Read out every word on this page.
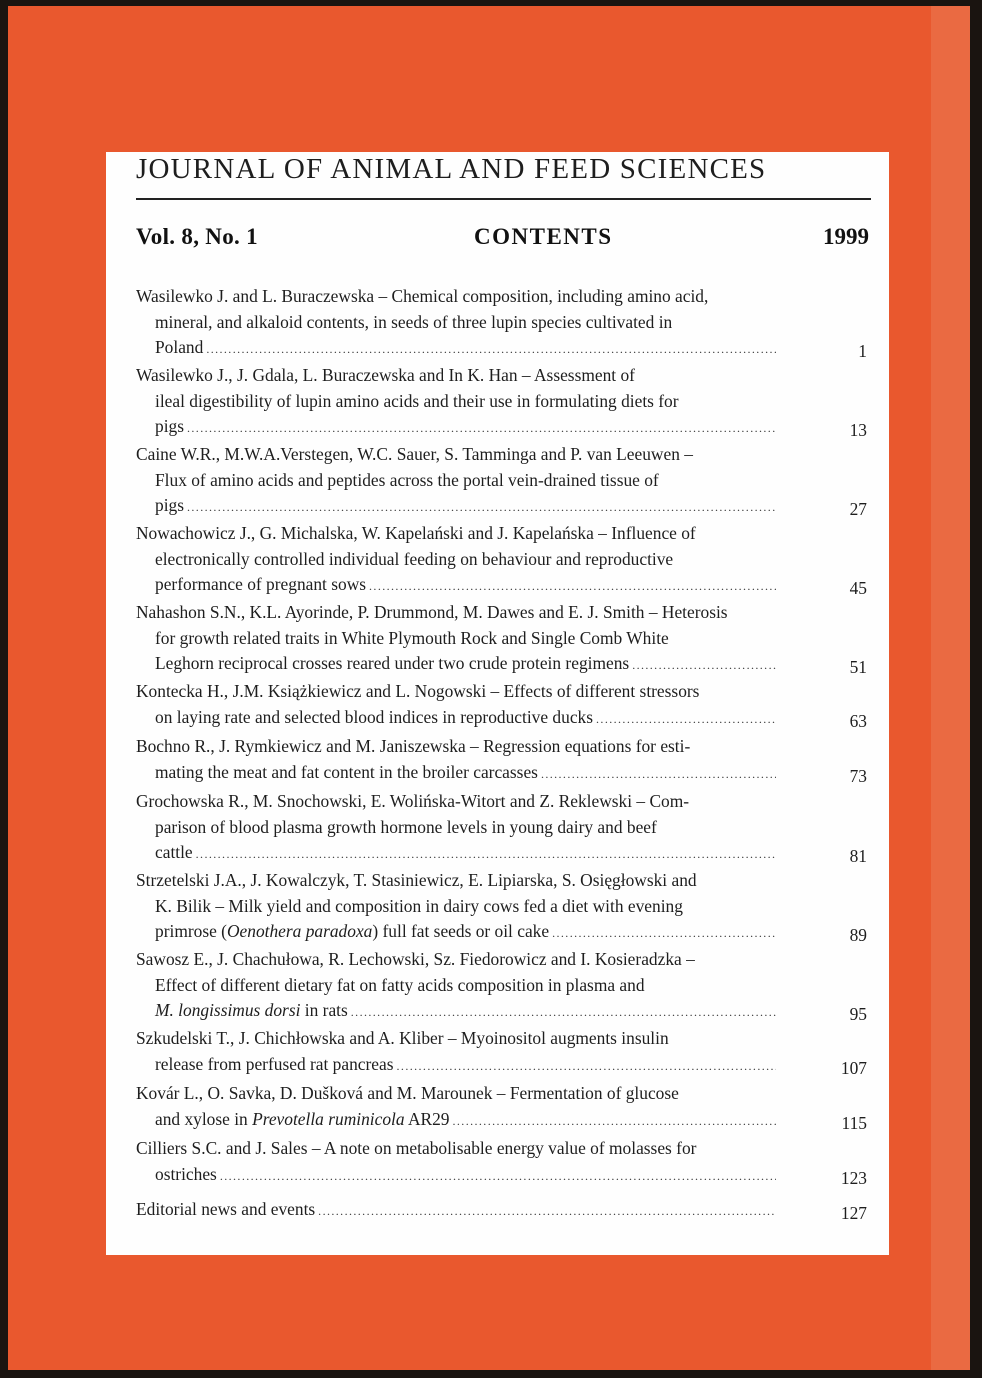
JOURNAL OF ANIMAL AND FEED SCIENCES
Vol. 8, No. 1	CONTENTS	1999
Wasilewko J. and L. Buraczewska – Chemical composition, including amino acid,
mineral, and alkaloid contents, in seeds of three lupin species cultivated in
Poland .....	1
Wasilewko J., J. Gdala, L. Buraczewska and In K. Han – Assessment of
ileal digestibility of lupin amino acids and their use in formulating diets for
pigs .....	13
Caine W.R., M.W.A.Verstegen, W.C. Sauer, S. Tamminga and P. van Leeuwen –
Flux of amino acids and peptides across the portal vein-drained tissue of
pigs .....	27
Nowachowicz J., G. Michalska, W. Kapelański and J. Kapelańska – Influence of
electronically controlled individual feeding on behaviour and reproductive
performance of pregnant sows .....	45
Nahashon S.N., K.L. Ayorinde, P. Drummond, M. Dawes and E. J. Smith – Heterosis
for growth related traits in White Plymouth Rock and Single Comb White
Leghorn reciprocal crosses reared under two crude protein regimens .....	51
Kontecka H., J.M. Książkiewicz and L. Nogowski – Effects of different stressors
on laying rate and selected blood indices in reproductive ducks .....	63
Bochno R., J. Rymkiewicz and M. Janiszewska – Regression equations for esti-
mating the meat and fat content in the broiler carcasses .....	73
Grochowska R., M. Snochowski, E. Wolińska-Witort and Z. Reklewski – Com-
parison of blood plasma growth hormone levels in young dairy and beef
cattle .....	81
Strzetelski J.A., J. Kowalczyk, T. Stasiniewicz, E. Lipiarska, S. Osięgłowski and
K. Bilik – Milk yield and composition in dairy cows fed a diet with evening
primrose (Oenothera paradoxa) full fat seeds or oil cake .....	89
Sawosz E., J. Chachułowa, R. Lechowski, Sz. Fiedorowicz and I. Kosieradzka –
Effect of different dietary fat on fatty acids composition in plasma and
M. longissimus dorsi in rats .....	95
Szkudelski T., J. Chichłowska and A. Kliber – Myoinositol augments insulin
release from perfused rat pancreas .....	107
Kovár L., O. Savka, D. Dušková and M. Marounek – Fermentation of glucose
and xylose in Prevotella ruminicola AR29 .....	115
Cilliers S.C. and J. Sales – A note on metabolisable energy value of molasses for
ostriches .....	123
Editorial news and events .....	127
